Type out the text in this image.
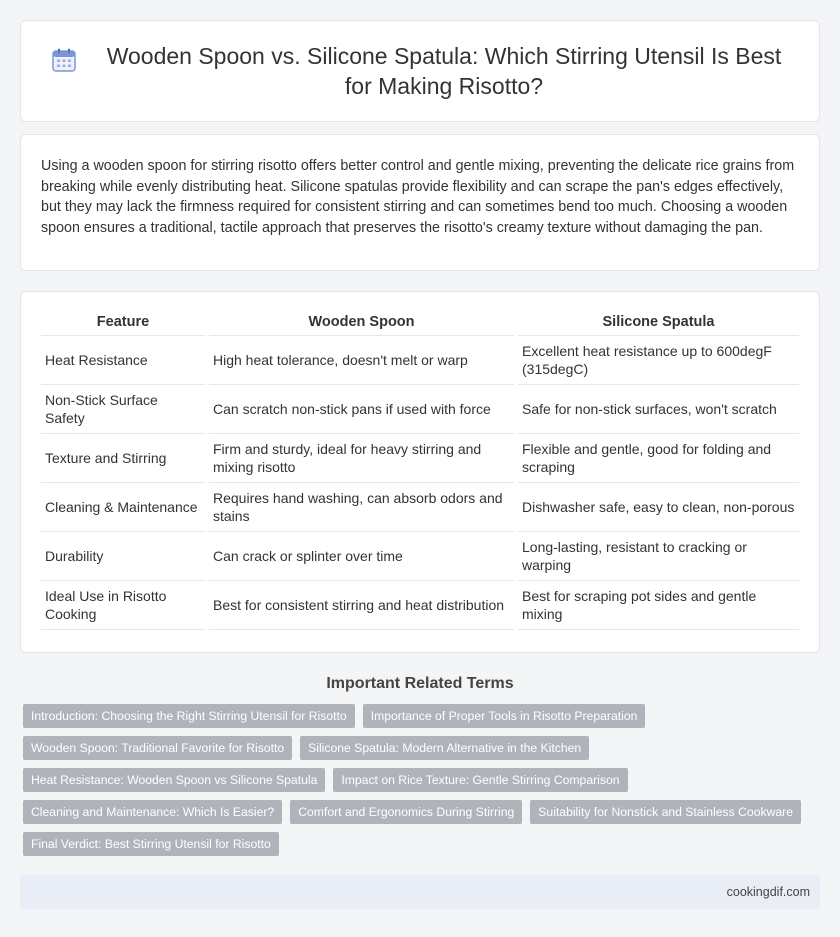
Wooden Spoon vs. Silicone Spatula: Which Stirring Utensil Is Best for Making Risotto?

Using a wooden spoon for stirring risotto offers better control and gentle mixing, preventing the delicate rice grains from breaking while evenly distributing heat. Silicone spatulas provide flexibility and can scrape the pan's edges effectively, but they may lack the firmness required for consistent stirring and can sometimes bend too much. Choosing a wooden spoon ensures a traditional, tactile approach that preserves the risotto's creamy texture without damaging the pan.

Feature	Wooden Spoon	Silicone Spatula
Heat Resistance	High heat tolerance, doesn't melt or warp	Excellent heat resistance up to 600degF (315degC)
Non-Stick Surface Safety	Can scratch non-stick pans if used with force	Safe for non-stick surfaces, won't scratch
Texture and Stirring	Firm and sturdy, ideal for heavy stirring and mixing risotto	Flexible and gentle, good for folding and scraping
Cleaning & Maintenance	Requires hand washing, can absorb odors and stains	Dishwasher safe, easy to clean, non-porous
Durability	Can crack or splinter over time	Long-lasting, resistant to cracking or warping
Ideal Use in Risotto Cooking	Best for consistent stirring and heat distribution	Best for scraping pot sides and gentle mixing
Important Related Terms
Introduction: Choosing the Right Stirring Utensil for Risotto	Importance of Proper Tools in Risotto Preparation
Wooden Spoon: Traditional Favorite for Risotto	Silicone Spatula: Modern Alternative in the Kitchen
Heat Resistance: Wooden Spoon vs Silicone Spatula	Impact on Rice Texture: Gentle Stirring Comparison
Cleaning and Maintenance: Which Is Easier?	Comfort and Ergonomics During Stirring	Suitability for Nonstick and Stainless Cookware
Final Verdict: Best Stirring Utensil for Risotto
cookingdif.com
